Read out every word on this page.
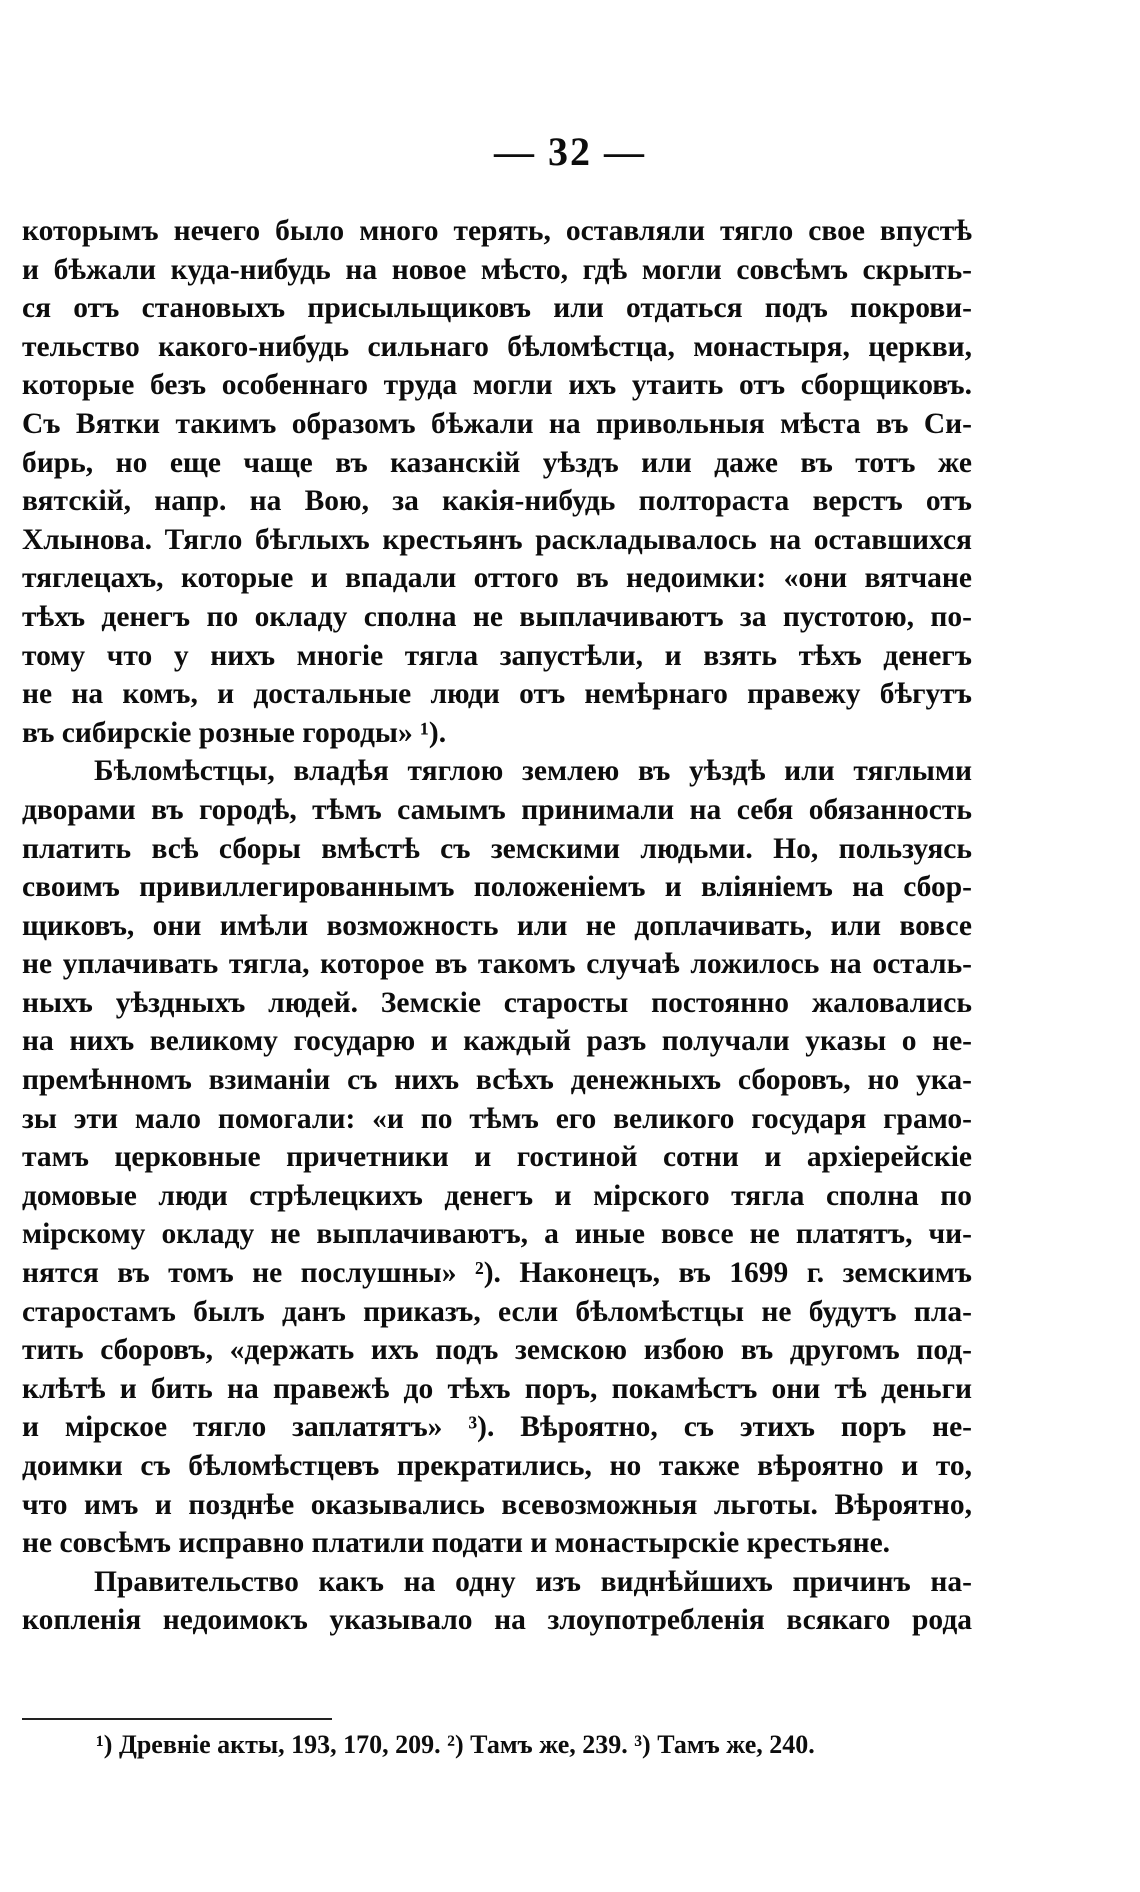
— 32 —

которымъ нечего было много терять, оставляли тягло свое впустѣ
и бѣжали куда-нибудь на новое мѣсто, гдѣ могли совсѣмъ скрыть-
ся отъ становыхъ присыльщиковъ или отдаться подъ покрови-
тельство какого-нибудь сильнаго бѣломѣстца, монастыря, церкви,
которые безъ особеннаго труда могли ихъ утаить отъ сборщиковъ.
Съ Вятки такимъ образомъ бѣжали на привольныя мѣста въ Си-
бирь, но еще чаще въ казанскій уѣздъ или даже въ тотъ же
вятскій, напр. на Вою, за какія-нибудь полтораста верстъ отъ
Хлынова. Тягло бѣглыхъ крестьянъ раскладывалось на оставшихся
тяглецахъ, которые и впадали оттого въ недоимки: «они вятчане
тѣхъ денегъ по окладу сполна не выплачиваютъ за пустотою, по-
тому что у нихъ многіе тягла запустѣли, и взять тѣхъ денегъ
не на комъ, и достальные люди отъ немѣрнаго правежу бѣгутъ
въ сибирскіе розные городы» ¹).

Бѣломѣстцы, владѣя тяглою землею въ уѣздѣ или тяглыми
дворами въ городѣ, тѣмъ самымъ принимали на себя обязанность
платить всѣ сборы вмѣстѣ съ земскими людьми. Но, пользуясь
своимъ привиллегированнымъ положеніемъ и вліяніемъ на сбор-
щиковъ, они имѣли возможность или не доплачивать, или вовсе
не уплачивать тягла, которое въ такомъ случаѣ ложилось на осталь-
ныхъ уѣздныхъ людей. Земскіе старосты постоянно жаловались
на нихъ великому государю и каждый разъ получали указы о не-
премѣнномъ взиманіи съ нихъ всѣхъ денежныхъ сборовъ, но ука-
зы эти мало помогали: «и по тѣмъ его великого государя грамо-
тамъ церковные причетники и гостиной сотни и архіерейскіе
домовые люди стрѣлецкихъ денегъ и мірского тягла сполна по
мірскому окладу не выплачиваютъ, а иные вовсе не платятъ, чи-
нятся въ томъ не послушны» ²). Наконецъ, въ 1699 г. земскимъ
старостамъ былъ данъ приказъ, если бѣломѣстцы не будутъ пла-
тить сборовъ, «держать ихъ подъ земскою избою въ другомъ под-
клѣтѣ и бить на правежѣ до тѣхъ поръ, покамѣстъ они тѣ деньги
и мірское тягло заплатятъ» ³). Вѣроятно, съ этихъ поръ не-
доимки съ бѣломѣстцевъ прекратились, но также вѣроятно и то,
что имъ и позднѣе оказывались всевозможныя льготы. Вѣроятно,
не совсѣмъ исправно платили подати и монастырскіе крестьяне.

Правительство какъ на одну изъ виднѣйшихъ причинъ на-
копленія недоимокъ указывало на злоупотребленія всякаго рода

¹) Древніе акты, 193, 170, 209. ²) Тамъ же, 239. ³) Тамъ же, 240.
